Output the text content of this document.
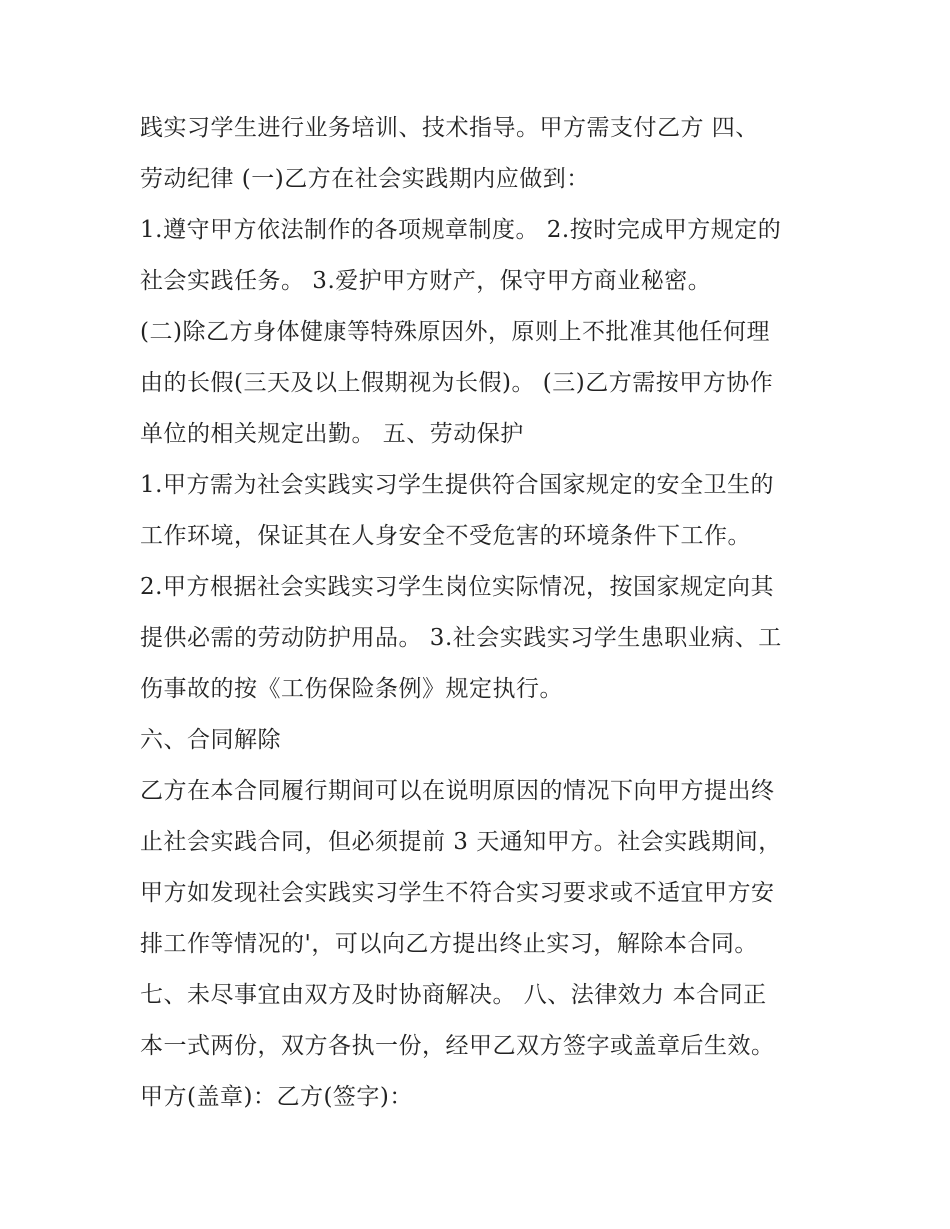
践实习学生进行业务培训、技术指导。甲方需支付乙方 四、
劳动纪律 (一)乙方在社会实践期内应做到：
1.遵守甲方依法制作的各项规章制度。 2.按时完成甲方规定的
社会实践任务。 3.爱护甲方财产，保守甲方商业秘密。
(二)除乙方身体健康等特殊原因外，原则上不批准其他任何理
由的长假(三天及以上假期视为长假)。 (三)乙方需按甲方协作
单位的相关规定出勤。 五、劳动保护
1.甲方需为社会实践实习学生提供符合国家规定的安全卫生的
工作环境，保证其在人身安全不受危害的环境条件下工作。
2.甲方根据社会实践实习学生岗位实际情况，按国家规定向其
提供必需的劳动防护用品。 3.社会实践实习学生患职业病、工
伤事故的按《工伤保险条例》规定执行。
六、合同解除
乙方在本合同履行期间可以在说明原因的情况下向甲方提出终
止社会实践合同，但必须提前 3 天通知甲方。社会实践期间，
甲方如发现社会实践实习学生不符合实习要求或不适宜甲方安
排工作等情况的'，可以向乙方提出终止实习，解除本合同。
七、未尽事宜由双方及时协商解决。 八、法律效力 本合同正
本一式两份，双方各执一份，经甲乙双方签字或盖章后生效。
甲方(盖章)：乙方(签字)：
